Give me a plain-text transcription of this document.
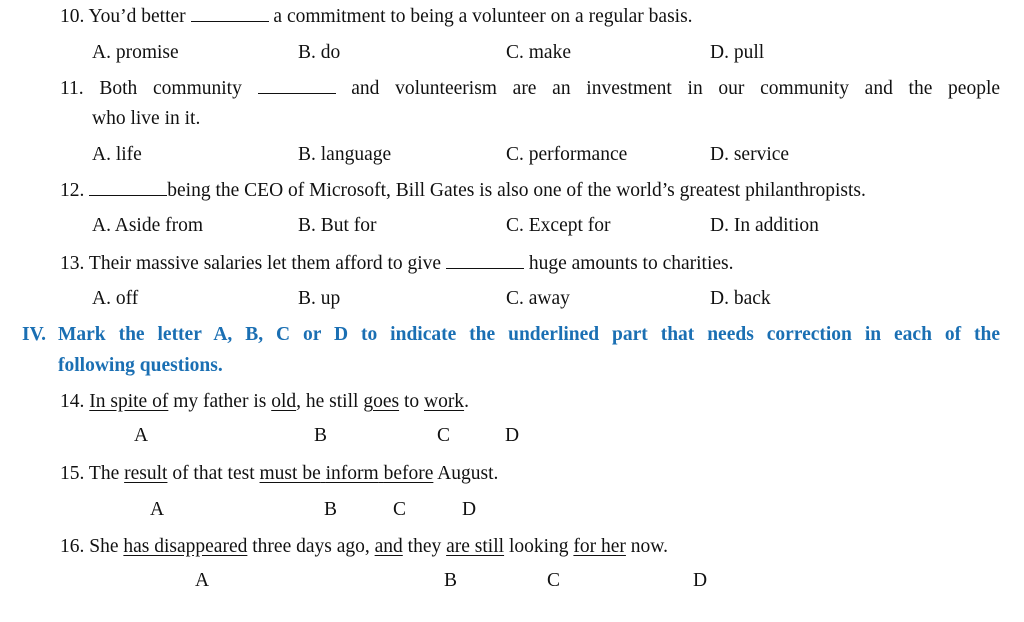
10. You’d better	a commitment to being a volunteer on a regular basis.
A. promise	B. do	C. make	D. pull
11. Both community	and volunteerism are an investment in our community and the people
who live in it.
A. life	B. language	C. performance	D. service
12.	being the CEO of Microsoft, Bill Gates is also one of the world’s greatest philanthropists.
A. Aside from	B. But for	C. Except for	D. In addition
13. Their massive salaries let them afford to give	huge amounts to charities.
A. off	B. up	C. away	D. back
IV. Mark the letter A, B, C or D to indicate the underlined part that needs correction in each of the
following questions.
14. In spite of my father is old, he still goes to work.
A	B	C	D
15. The result of that test must be inform before August.
A	B	C	D
16. She has disappeared three days ago, and they are still looking for her now.
A	B	C	D
